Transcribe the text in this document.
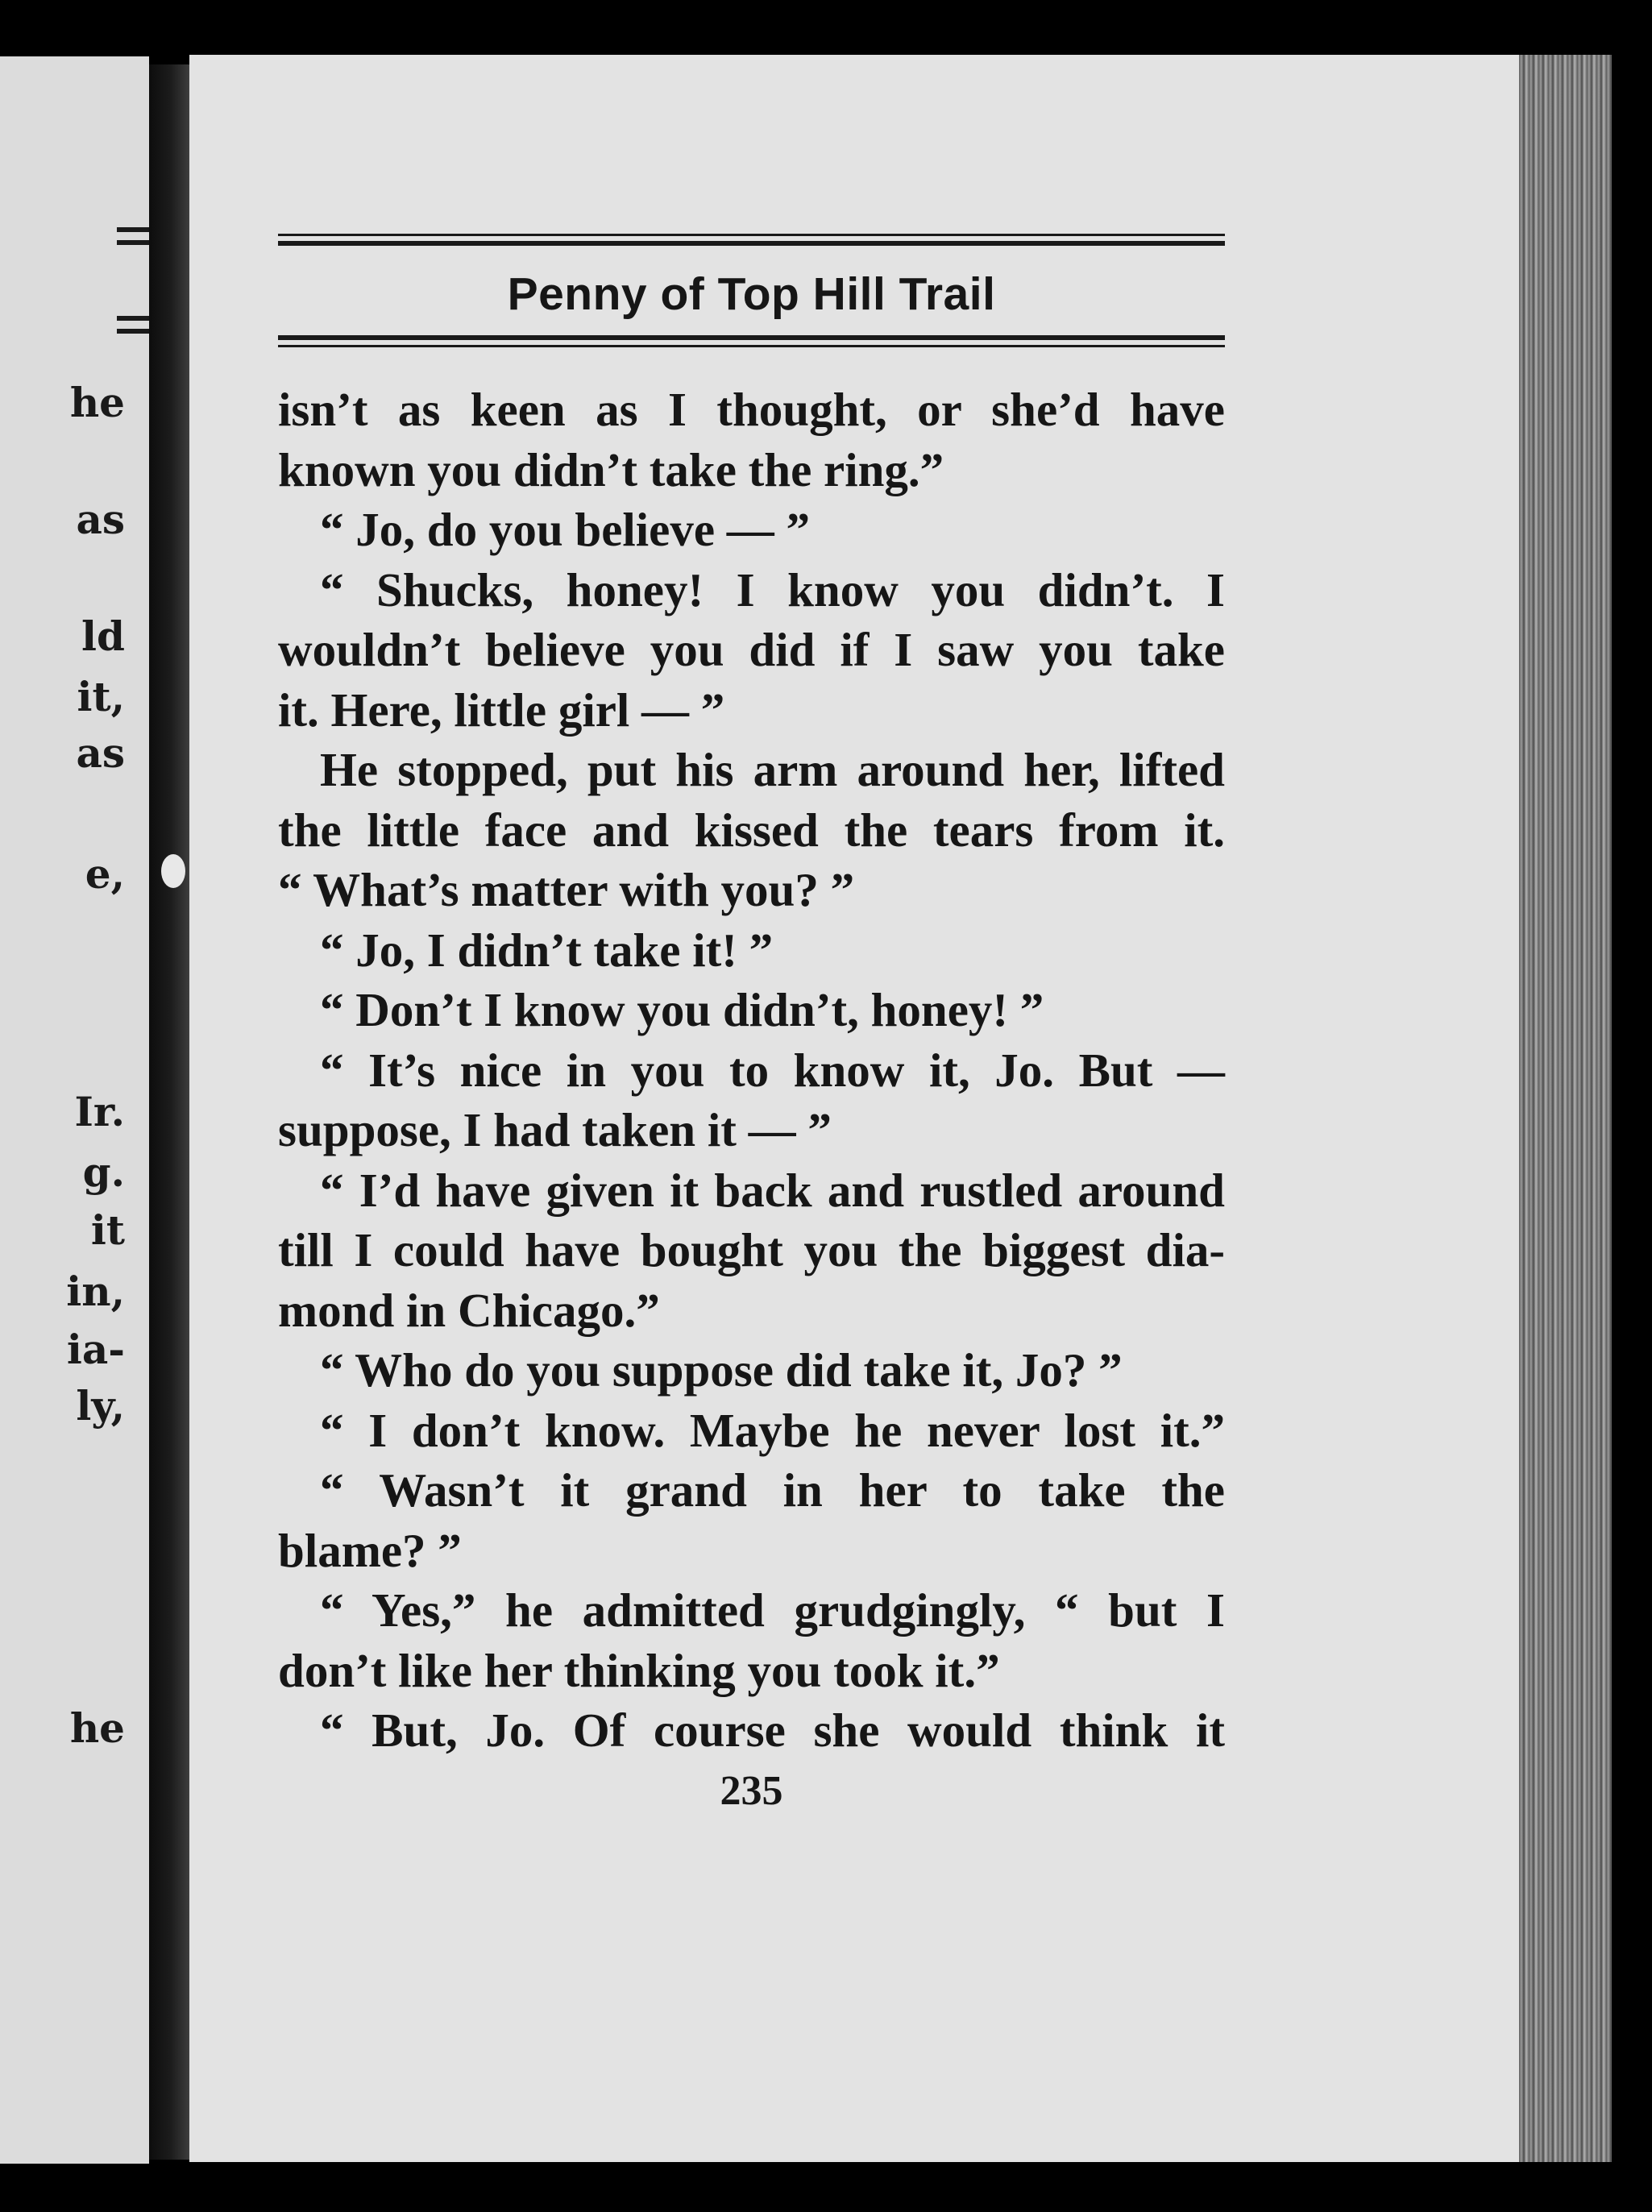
he
as
ld
it,
as
e,
Ir.
g.
it
in,
ia-
ly,
he
Penny of Top Hill Trail
isn’t as keen as I thought, or she’d have
known you didn’t take the ring.”
“ Jo, do you believe — ”
“ Shucks, honey! I know you didn’t. I
wouldn’t believe you did if I saw you take
it. Here, little girl — ”
He stopped, put his arm around her, lifted
the little face and kissed the tears from it.
“ What’s matter with you? ”
“ Jo, I didn’t take it! ”
“ Don’t I know you didn’t, honey! ”
“ It’s nice in you to know it, Jo. But —
suppose, I had taken it — ”
“ I’d have given it back and rustled around
till I could have bought you the biggest dia-
mond in Chicago.”
“ Who do you suppose did take it, Jo? ”
“ I don’t know. Maybe he never lost it.”
“ Wasn’t it grand in her to take the
blame? ”
“ Yes,” he admitted grudgingly, “ but I
don’t like her thinking you took it.”
“ But, Jo. Of course she would think it
235
